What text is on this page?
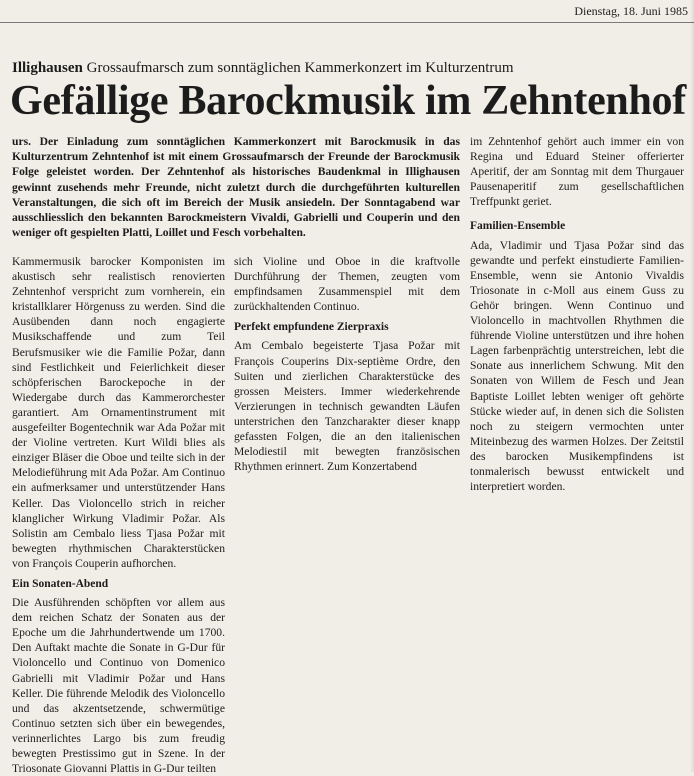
Dienstag, 18. Juni 1985
Illighausen Grossaufmarsch zum sonntäglichen Kammerkonzert im Kulturzentrum
Gefällige Barockmusik im Zehntenhof
urs. Der Einladung zum sonntäglichen Kammerkonzert mit Barockmusik in das Kulturzentrum Zehntenhof ist mit einem Grossaufmarsch der Freunde der Barockmusik Folge geleistet worden. Der Zehntenhof als historisches Baudenkmal in Illighausen gewinnt zusehends mehr Freunde, nicht zuletzt durch die durchgeführten kulturellen Veranstaltungen, die sich oft im Bereich der Musik ansiedeln. Der Sonntagabend war ausschliesslich den bekannten Barockmeistern Vivaldi, Gabrielli und Couperin und den weniger oft gespielten Platti, Loillet und Fesch vorbehalten.

Kammermusik barocker Komponisten im akustisch sehr realistisch renovierten Zehntenhof verspricht zum vornherein, ein kristallklarer Hörgenuss zu werden. Sind die Ausübenden dann noch engagierte Musikschaffende und zum Teil Berufsmusiker wie die Familie Požar, dann sind Festlichkeit und Feierlichkeit dieser schöpferischen Barockepoche in der Wiedergabe durch das Kammerorchester garantiert. Am Ornamentinstrument mit ausgefeilter Bogentechnik war Ada Požar mit der Violine vertreten. Kurt Wildi blies als einziger Bläser die Oboe und teilte sich in der Melodieführung mit Ada Požar. Am Continuo ein aufmerksamer und unterstützender Hans Keller. Das Violoncello strich in reicher klanglicher Wirkung Vladimir Požar. Als Solistin am Cembalo liess Tjasa Požar mit bewegten rhythmischen Charakterstücken von François Couperin aufhorchen.

Ein Sonaten-Abend

Die Ausführenden schöpften vor allem aus dem reichen Schatz der Sonaten aus der Epoche um die Jahrhundertwende um 1700. Den Auftakt machte die Sonate in G-Dur für Violoncello und Continuo von Domenico Gabrielli mit Vladimir Požar und Hans Keller. Die führende Melodik des Violoncello und das akzentsetzende, schwermütige Continuo setzten sich über ein bewegendes, verinnerlichtes Largo bis zum freudig bewegten Prestissimo gut in Szene. In der Triosonate Giovanni Plattis in G-Dur teilten

sich Violine und Oboe in die kraftvolle Durchführung der Themen, zeugten vom empfindsamen Zusammenspiel mit dem zurückhaltenden Continuo.

Perfekt empfundene Zierpraxis

Am Cembalo begeisterte Tjasa Požar mit François Couperins Dix-septième Ordre, den Suiten und zierlichen Charakterstücke des grossen Meisters. Immer wiederkehrende Verzierungen in technisch gewandten Läufen unterstrichen den Tanzcharakter dieser knapp gefassten Folgen, die an den italienischen Melodiestil mit bewegten französischen Rhythmen erinnert. Zum Konzertabend

im Zehntenhof gehört auch immer ein von Regina und Eduard Steiner offerierter Aperitif, der am Sonntag mit dem Thurgauer Pausenaperitif zum gesellschaftlichen Treffpunkt geriet.

Familien-Ensemble

Ada, Vladimir und Tjasa Požar sind das gewandte und perfekt einstudierte Familien-Ensemble, wenn sie Antonio Vivaldis Triosonate in c-Moll aus einem Guss zu Gehör bringen. Wenn Continuo und Violoncello in machtvollen Rhythmen die führende Violine unterstützen und ihre hohen Lagen farbenprächtig unterstreichen, lebt die Sonate aus innerlichem Schwung. Mit den Sonaten von Willem de Fesch und Jean Baptiste Loillet lebten weniger oft gehörte Stücke wieder auf, in denen sich die Solisten noch zu steigern vermochten unter Miteinbezug des warmen Holzes. Der Zeitstil des barocken Musikempfindens ist tonmalerisch bewusst entwickelt und interpretiert worden.
